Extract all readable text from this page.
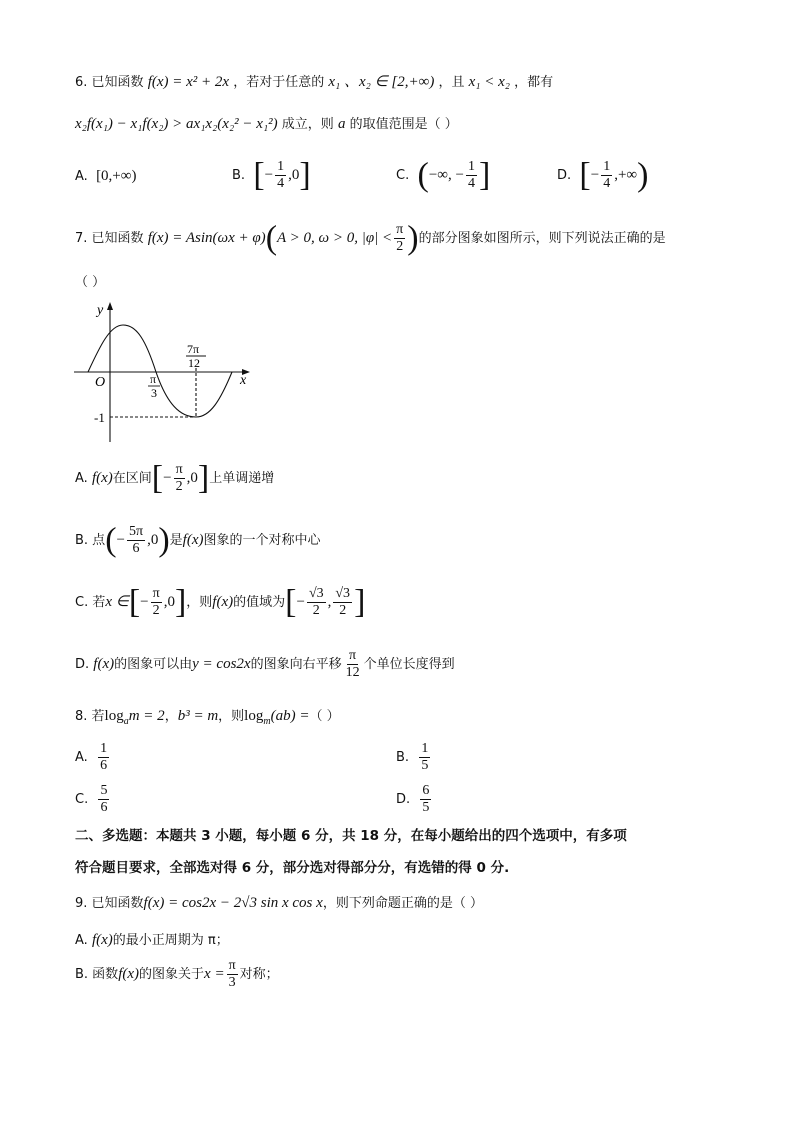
6. 已知函数 f(x) = x² + 2x ，若对于任意的 x₁ 、x₂ ∈ [2,+∞) ，且 x₁ < x₂ ，都有
x₂f(x₁) − x₁f(x₂) > ax₁x₂(x₂² − x₁²) 成立，则 a 的取值范围是（ ）
A.  [0,+∞)	B.  [− $\frac{1}{4} ,0$]	C.  (−∞, − $\frac{1}{4}$ ]	D.  [− $\frac{1}{4}$ ,+∞)
7. 已知函数 f(x) = Asin(ωx + φ)(A > 0, ω > 0, $|\varphi| < \frac{\pi}{2}$ )的部分图象如图所示，则下列说法正确的是
（ ）
y
x
O
-1
π
3
7π
12
A. f(x)在区间[− $\frac{\pi}{2} ,0$]上单调递增
B. 点(− $\frac{5\pi}{6} ,0$)是f(x)图象的一个对称中心
C. 若x ∈[− $\frac{\pi}{2} ,0$]，则f(x)的值域为[− $\frac{√3}{2}$ , $\frac{√3}{2}$ ]
D. f(x)的图象可以由y = cos2x的图象向右平移 $\frac{\pi}{12}$ 个单位长度得到
8. 若$\log_am = 2$，b³ = m，则$\log_m(ab)$ =（ ）
A. $\frac{1}{6}$	B. $\frac{1}{5}$
C. $\frac{5}{6}$	D. $\frac{6}{5}$
二、多选题：本题共 3 小题，每小题 6 分，共 18 分，在每小题给出的四个选项中，有多项
符合题目要求，全部选对得 6 分，部分选对得部分分，有选错的得 0 分.
9. 已知函数f(x) = cos2x − 2√3 sin x cos x，则下列命题正确的是（ ）
A. f(x)的最小正周期为 π；
B. 函数f(x)的图象关于$x = \frac{\pi}{3}$ 对称；
